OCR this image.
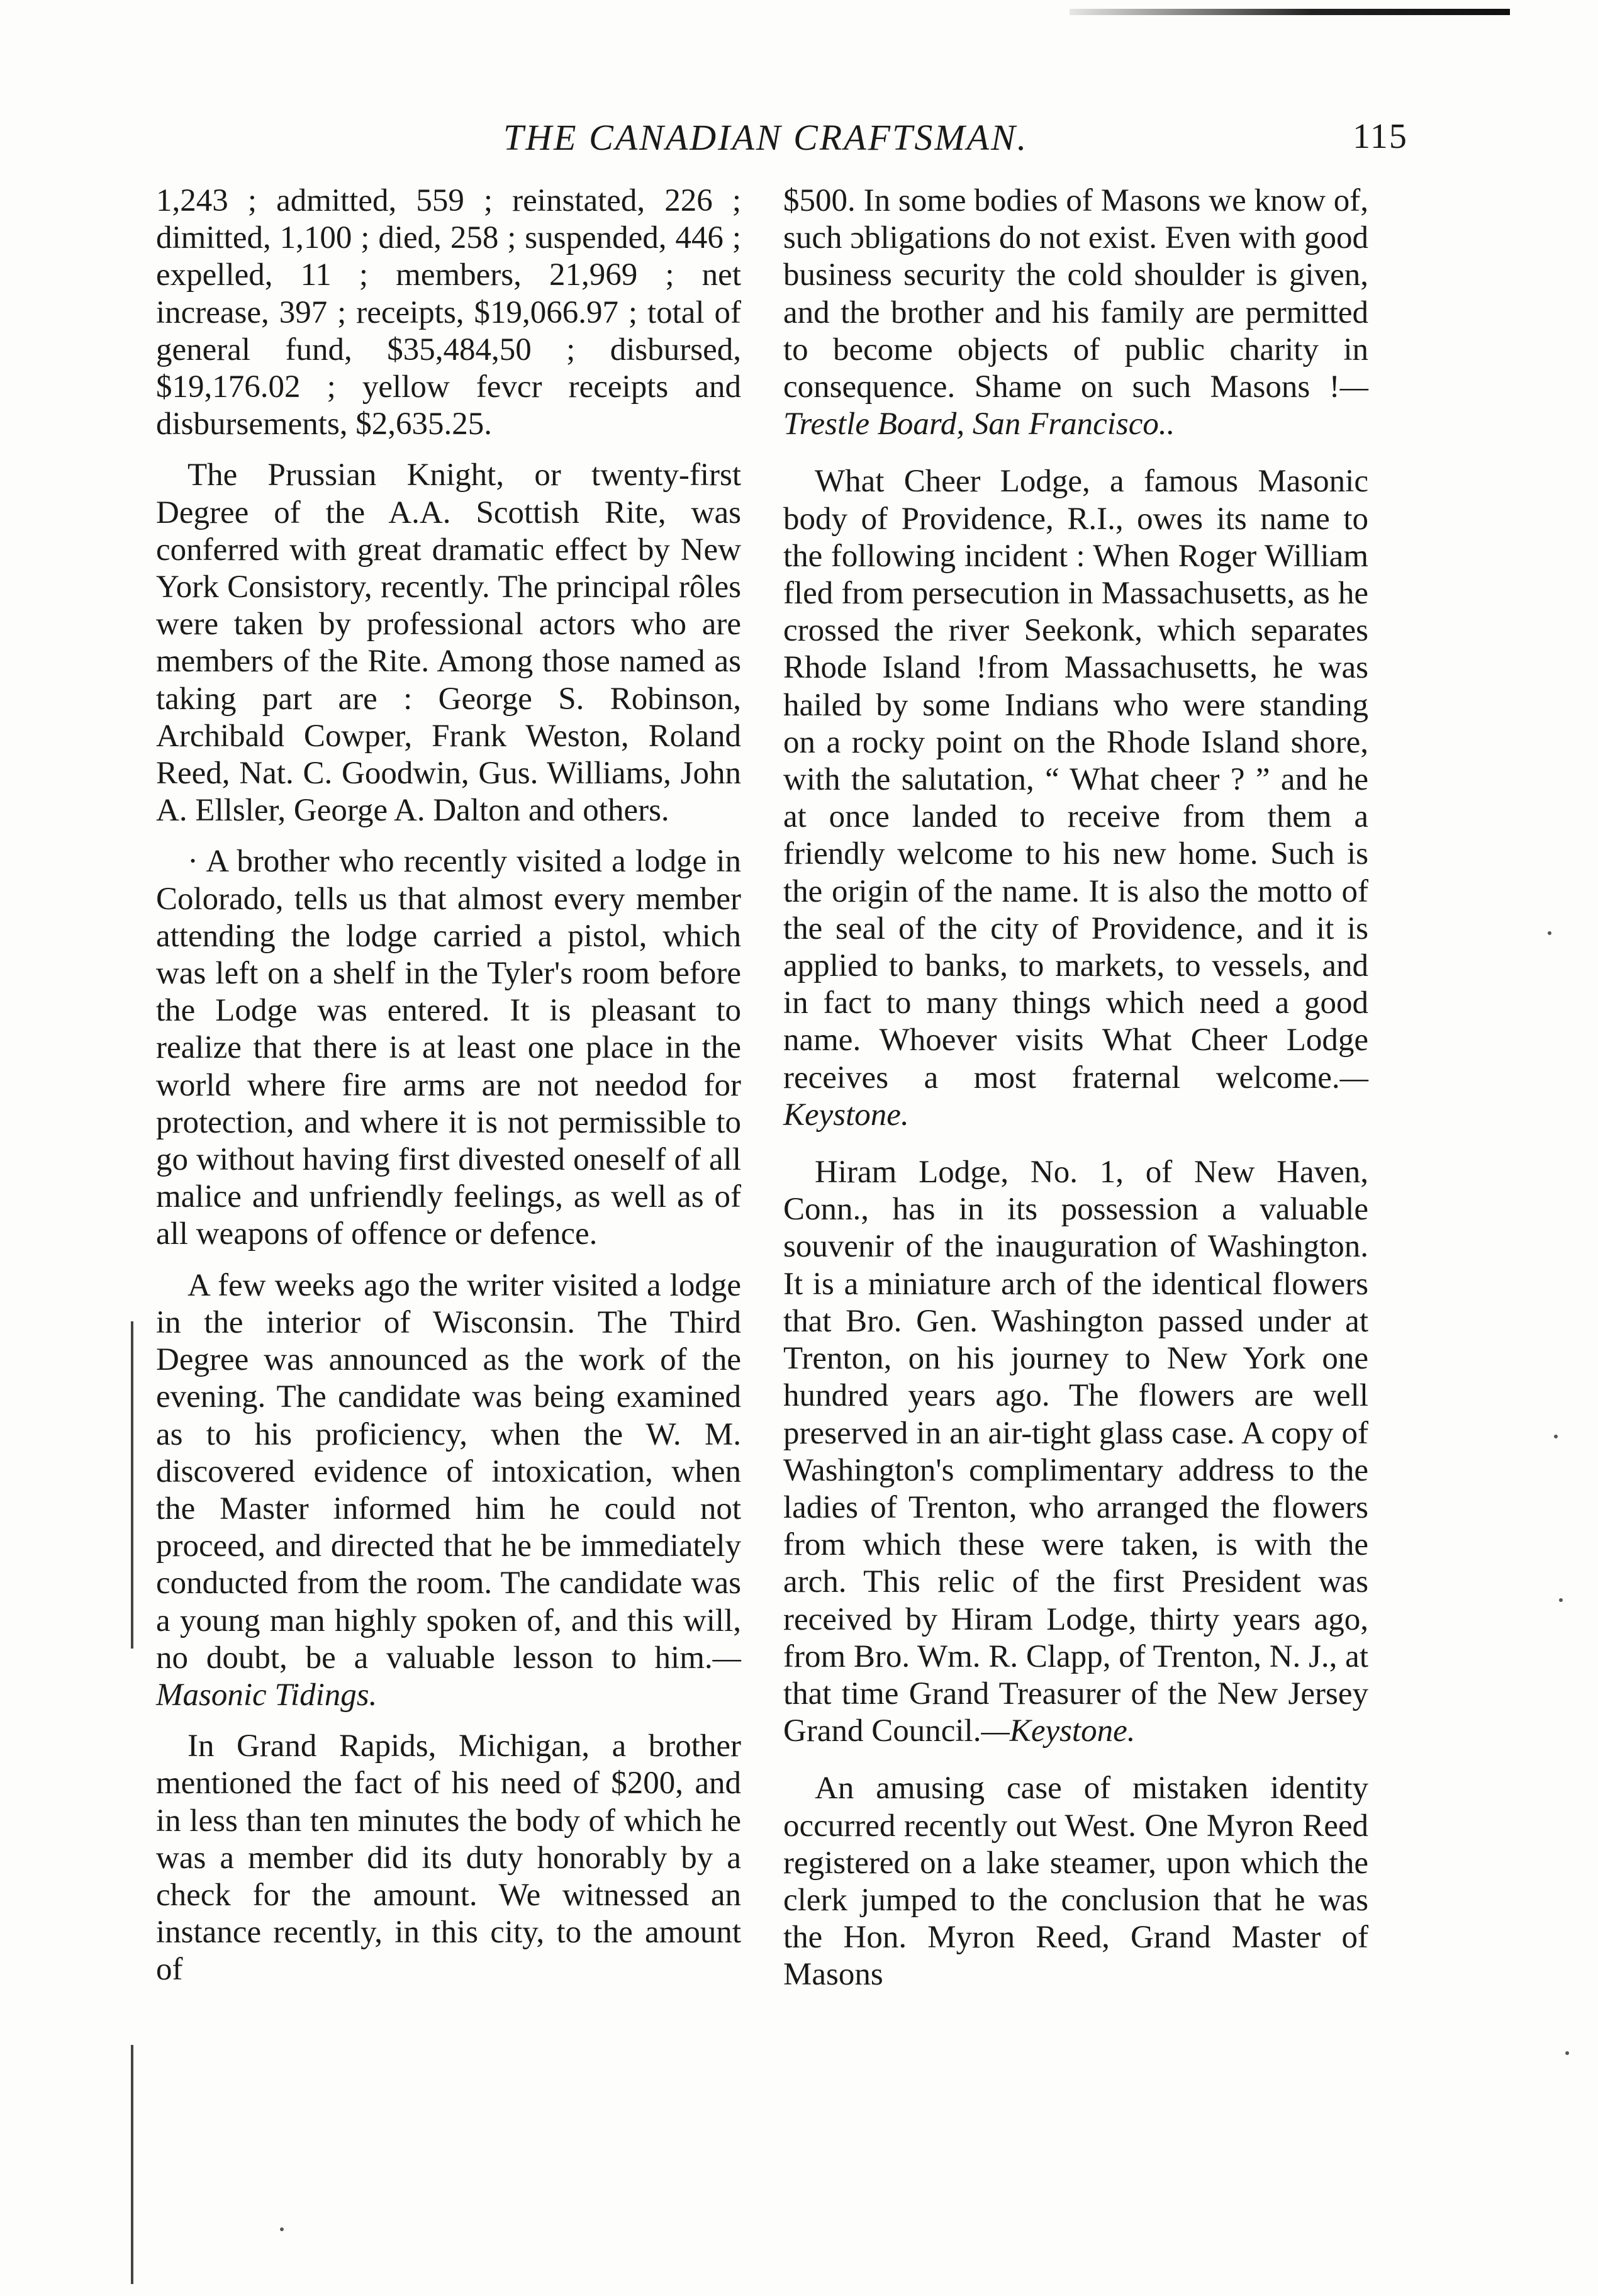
THE CANADIAN CRAFTSMAN.	115

1,243 ; admitted, 559 ; reinstated, 226 ; dimitted, 1,100 ; died, 258 ; suspended, 446 ; expelled, 11 ; members, 21,969 ; net increase, 397 ; receipts, $19,066.97 ; total of general fund, $35,484,50 ; disbursed, $19,176.02 ; yellow fevcr receipts and disbursements, $2,635.25.

The Prussian Knight, or twenty-first Degree of the A.A. Scottish Rite, was conferred with great dramatic effect by New York Consistory, recently. The principal rôles were taken by professional actors who are members of the Rite. Among those named as taking part are : George S. Robinson, Archibald Cowper, Frank Weston, Roland Reed, Nat. C. Goodwin, Gus. Williams, John A. Ellsler, George A. Dalton and others.

· A brother who recently visited a lodge in Colorado, tells us that almost every member attending the lodge carried a pistol, which was left on a shelf in the Tyler's room before the Lodge was entered. It is pleasant to realize that there is at least one place in the world where fire arms are not needod for protection, and where it is not permissible to go without having first divested oneself of all malice and unfriendly feelings, as well as of all weapons of offence or defence.

A few weeks ago the writer visited a lodge in the interior of Wisconsin. The Third Degree was announced as the work of the evening. The candidate was being examined as to his proficiency, when the W. M. discovered evidence of intoxication, when the Master informed him he could not proceed, and directed that he be immediately conducted from the room. The candidate was a young man highly spoken of, and this will, no doubt, be a valuable lesson to him.—Masonic Tidings.

In Grand Rapids, Michigan, a brother mentioned the fact of his need of $200, and in less than ten minutes the body of which he was a member did its duty honorably by a check for the amount. We witnessed an instance recently, in this city, to the amount of

$500. In some bodies of Masons we know of, such ɔbligations do not exist. Even with good business security the cold shoulder is given, and the brother and his family are permitted to become objects of public charity in consequence. Shame on such Masons !—Trestle Board, San Francisco..

What Cheer Lodge, a famous Masonic body of Providence, R.I., owes its name to the following incident : When Roger William fled from persecution in Massachusetts, as he crossed the river Seekonk, which separates Rhode Island !from Massachusetts, he was hailed by some Indians who were standing on a rocky point on the Rhode Island shore, with the salutation, “ What cheer ? ” and he at once landed to receive from them a friendly welcome to his new home. Such is the origin of the name. It is also the motto of the seal of the city of Providence, and it is applied to banks, to markets, to vessels, and in fact to many things which need a good name. Whoever visits What Cheer Lodge receives a most fraternal welcome.—Keystone.

Hiram Lodge, No. 1, of New Haven, Conn., has in its possession a valuable souvenir of the inauguration of Washington. It is a miniature arch of the identical flowers that Bro. Gen. Washington passed under at Trenton, on his journey to New York one hundred years ago. The flowers are well preserved in an air-tight glass case. A copy of Washington's complimentary address to the ladies of Trenton, who arranged the flowers from which these were taken, is with the arch. This relic of the first President was received by Hiram Lodge, thirty years ago, from Bro. Wm. R. Clapp, of Trenton, N. J., at that time Grand Treasurer of the New Jersey Grand Council.—Keystone.

An amusing case of mistaken identity occurred recently out West. One Myron Reed registered on a lake steamer, upon which the clerk jumped to the conclusion that he was the Hon. Myron Reed, Grand Master of Masons
